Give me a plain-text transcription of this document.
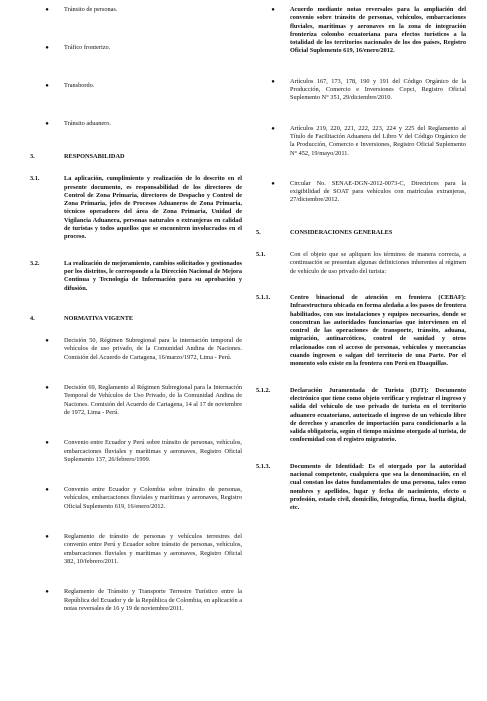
●	Tránsito de personas.
●	Tráfico fronterizo.
●	Transbordo.
●	Tránsito aduanero.
3.	RESPONSABILIDAD
3.1.	La aplicación, cumplimiento y realización de lo descrito en el presente documento, es responsabilidad de los directores de Control de Zona Primaria, directores de Despacho y Control de Zona Primaria, jefes de Procesos Aduaneros de Zona Primaria, técnicos operadores del área de Zona Primaria, Unidad de Vigilancia Aduanera, personas naturales o extranjeras en calidad de turistas y todos aquellos que se encuentren involucrados en el proceso.
3.2.	La realización de mejoramiento, cambios solicitados y gestionados por los distritos, le corresponde a la Dirección Nacional de Mejora Continua y Tecnología de Información para su aprobación y difusión.
4.	NORMATIVA VIGENTE
●	Decisión 50, Régimen Subregional para la internación temporal de vehículos de uso privado, de la Comunidad Andina de Naciones. Comisión del Acuerdo de Cartagena, 16/marzo/1972, Lima - Perú.
●	Decisión 69, Reglamento al Régimen Subregional para la Internación Temporal de Vehículos de Uso Privado, de la Comunidad Andina de Naciones. Comisión del Acuerdo de Cartagena, 14 al 17 de noviembre de 1972, Lima - Perú.
●	Convenio entre Ecuador y Perú sobre tránsito de personas, vehículos, embarcaciones fluviales y marítimas y aeronaves, Registro Oficial Suplemento 137, 26/febrero/1999.
●	Convenio entre Ecuador y Colombia sobre tránsito de personas, vehículos, embarcaciones fluviales y marítimas y aeronaves, Registro Oficial Suplemento 619, 16/enero/2012.
●	Reglamento de tránsito de personas y vehículos terrestres del convenio entre Perú y Ecuador sobre tránsito de personas, vehículos, embarcaciones fluviales y marítimas y aeronaves, Registro Oficial 382, 10/febrero/2011.
●	Reglamento de Tránsito y Transporte Terrestre Turístico entre la República del Ecuador y de la República de Colombia, en aplicación a notas reversales de 16 y 19 de noviembre/2011.
●	Acuerdo mediante notas reversales para la ampliación del convenio sobre tránsito de personas, vehículos, embarcaciones fluviales, marítimas y aeronaves en la zona de integración fronteriza colombo ecuatoriana para efectos turísticos a la totalidad de los territorios nacionales de los dos países, Registro Oficial Suplemento 619, 16/enero/2012.
●	Artículos 167, 173, 178, 190 y 191 del Código Orgánico de la Producción, Comercio e Inversiones Copci, Registro Oficial Suplemento N° 351, 29/diciembre/2010.
●	Artículos 219, 220, 221, 222, 223, 224 y 225 del Reglamento al Título de Facilitación Aduanera del Libro V del Código Orgánico de la Producción, Comercio e Inversiones, Registro Oficial Suplemento N° 452, 19/mayo/2011.
●	Circular No. SENAE-DGN-2012-0073-C, Directrices para la exigibilidad de SOAT para vehículos con matrículas extranjeras, 27/diciembre/2012.
5.	CONSIDERACIONES GENERALES
5.1.	Con el objeto que se apliquen los términos de manera correcta, a continuación se presentan algunas definiciones inherentes al régimen de vehículo de uso privado del turista:
5.1.1.	Centro binacional de atención en frontera (CEBAF): Infraestructura ubicada en forma aledaña a los pasos de frontera habilitados, con sus instalaciones y equipos necesarios, donde se concentran las autoridades funcionarias que intervienen en el control de las operaciones de transporte, tránsito, aduana, migración, antinarcóticos, control de sanidad y otros relacionados con el acceso de personas, vehículos y mercancías cuando ingresen o salgan del territorio de una Parte. Por el momento solo existe en la frontera con Perú en Huaquillas.
5.1.2.	Declaración Juramentada de Turista (DJT): Documento electrónico que tiene como objeto verificar y registrar el ingreso y salida del vehículo de uso privado de turista en el territorio aduanero ecuatoriano, autorizado el ingreso de un vehículo libre de derechos y aranceles de importación para condicionarlo a la salida obligatoria, según el tiempo máximo otorgado al turista, de conformidad con el registro migratorio.
5.1.3.	Documento de Identidad: Es el otorgado por la autoridad nacional competente, cualquiera que sea la denominación, en el cual constan los datos fundamentales de una persona, tales como nombres y apellidos, lugar y fecha de nacimiento, efecto o profesión, estado civil, domicilio, fotografía, firma, huella digital, etc.
